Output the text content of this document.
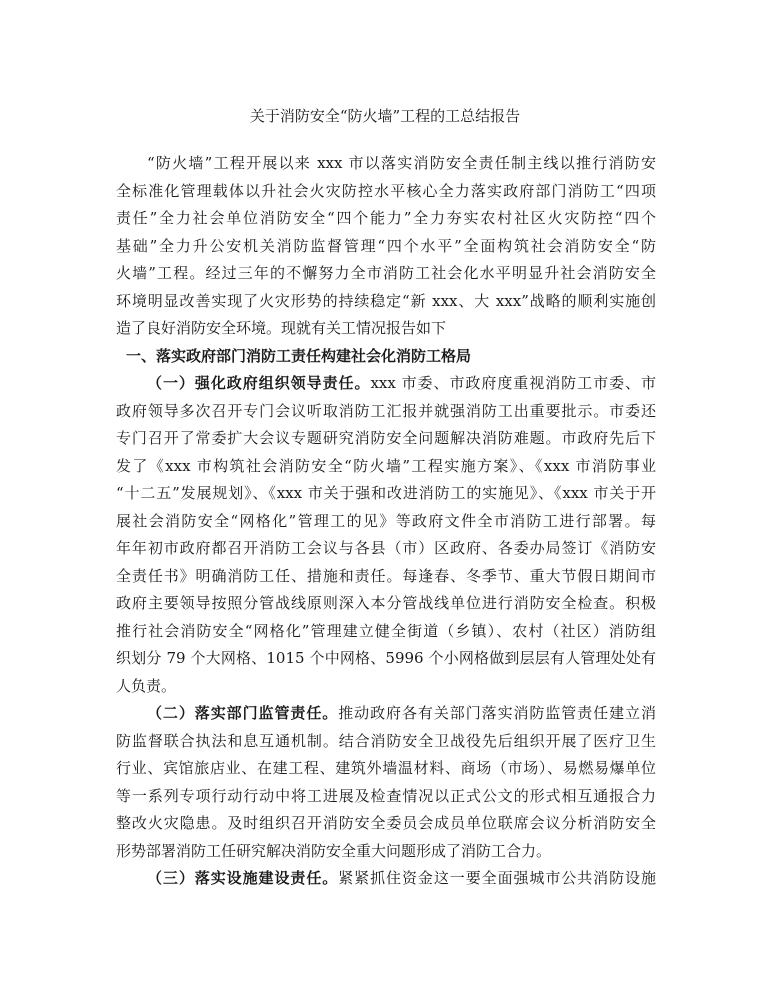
关于消防安全“防火墙”工程的工总结报告
“防火墙”工程开展以来 xxx 市以落实消防安全责任制主线以推行消防安
全标准化管理载体以升社会火灾防控水平核心全力落实政府部门消防工“四项
责任”全力社会单位消防安全“四个能力”全力夯实农村社区火灾防控“四个
基础”全力升公安机关消防监督管理“四个水平”全面构筑社会消防安全“防
火墙”工程。经过三年的不懈努力全市消防工社会化水平明显升社会消防安全
环境明显改善实现了火灾形势的持续稳定“新 xxx、大 xxx”战略的顺利实施创
造了良好消防安全环境。现就有关工情况报告如下
一、落实政府部门消防工责任构建社会化消防工格局
（一）强化政府组织领导责任。xxx 市委、市政府度重视消防工市委、市
政府领导多次召开专门会议听取消防工汇报并就强消防工出重要批示。市委还
专门召开了常委扩大会议专题研究消防安全问题解决消防难题。市政府先后下
发了《xxx 市构筑社会消防安全“防火墙”工程实施方案》、《xxx 市消防事业
“十二五”发展规划》、《xxx 市关于强和改进消防工的实施见》、《xxx 市关于开
展社会消防安全“网格化”管理工的见》等政府文件全市消防工进行部署。每
年年初市政府都召开消防工会议与各县（市）区政府、各委办局签订《消防安
全责任书》明确消防工任、措施和责任。每逢春、冬季节、重大节假日期间市
政府主要领导按照分管战线原则深入本分管战线单位进行消防安全检查。积极
推行社会消防安全“网格化”管理建立健全街道（乡镇）、农村（社区）消防组
织划分 79 个大网格、1015 个中网格、5996 个小网格做到层层有人管理处处有
人负责。
（二）落实部门监管责任。推动政府各有关部门落实消防监管责任建立消
防监督联合执法和息互通机制。结合消防安全卫战役先后组织开展了医疗卫生
行业、宾馆旅店业、在建工程、建筑外墙温材料、商场（市场）、易燃易爆单位
等一系列专项行动行动中将工进展及检查情况以正式公文的形式相互通报合力
整改火灾隐患。及时组织召开消防安全委员会成员单位联席会议分析消防安全
形势部署消防工任研究解决消防安全重大问题形成了消防工合力。
（三）落实设施建设责任。紧紧抓住资金这一要全面强城市公共消防设施
